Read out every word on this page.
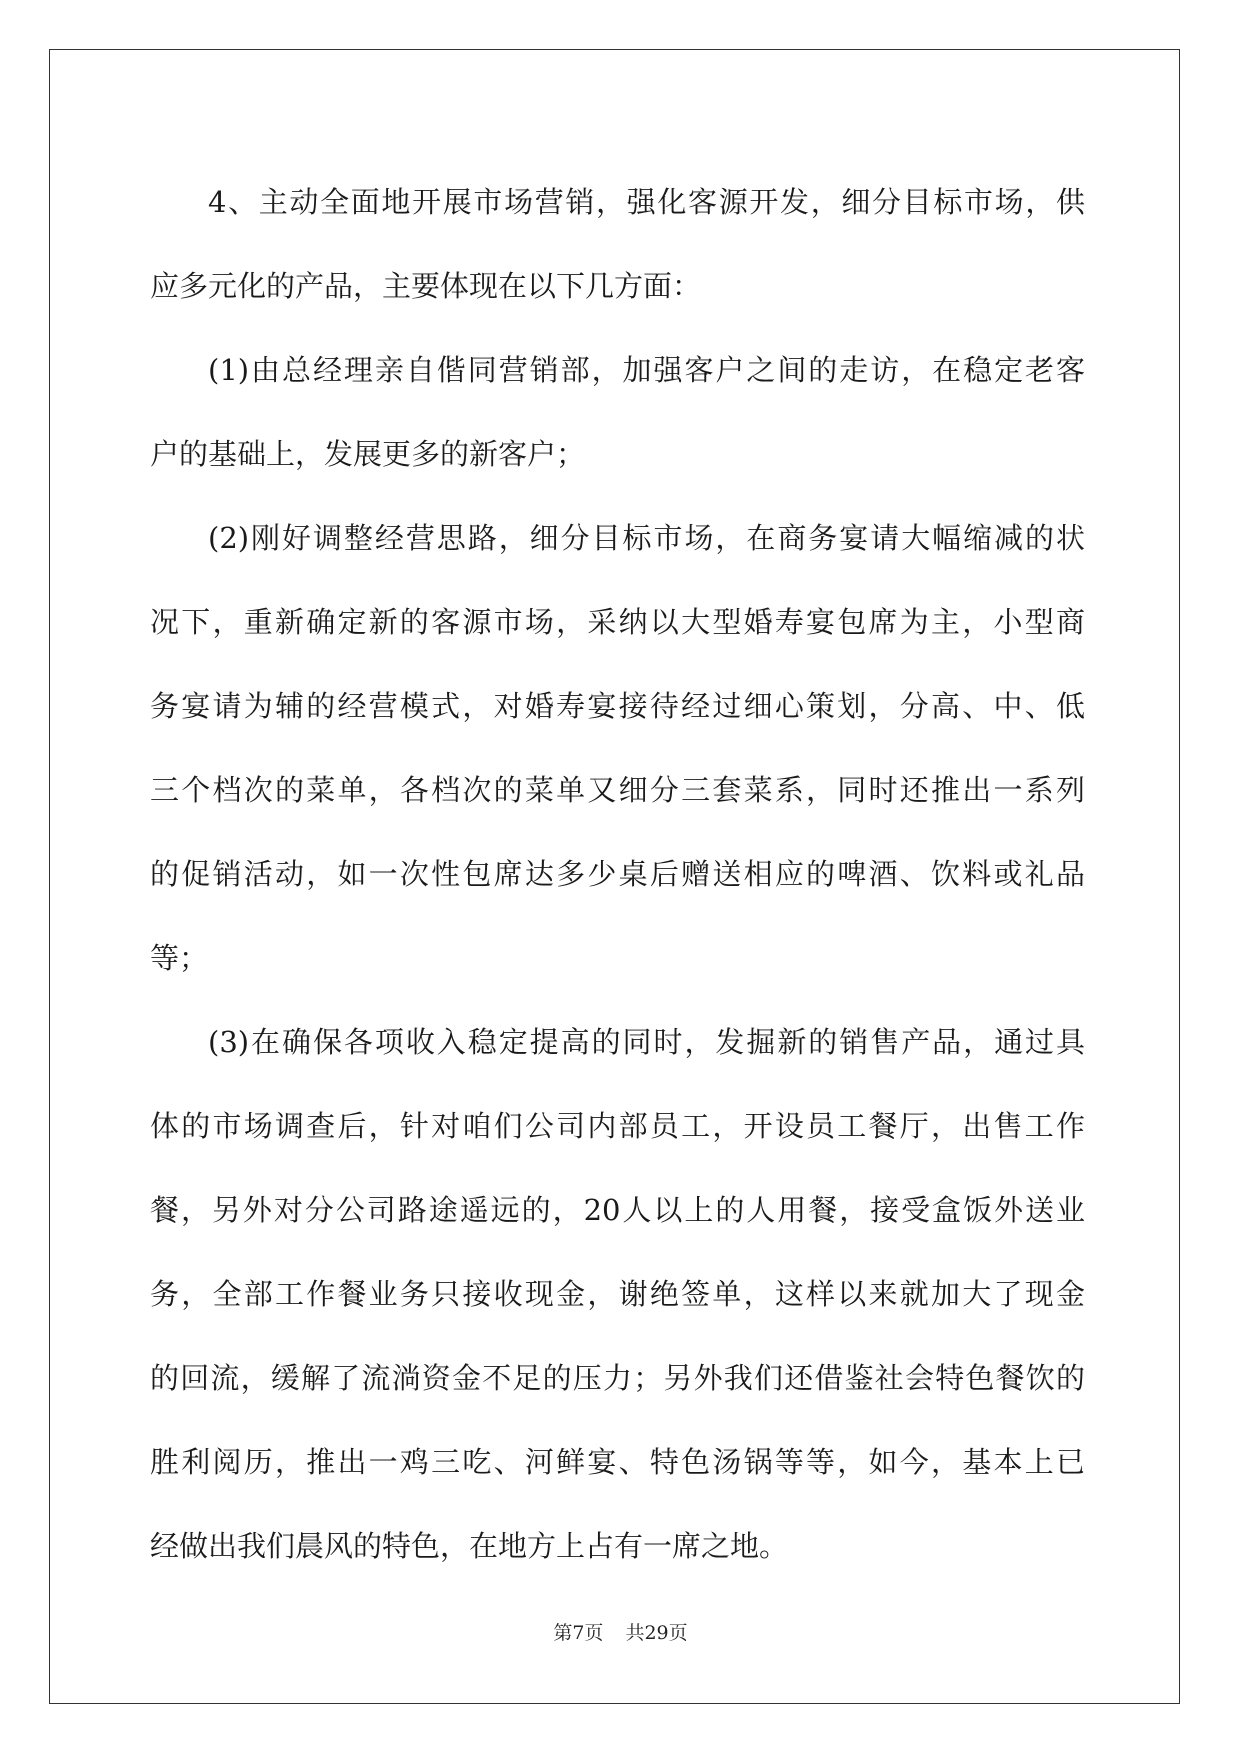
4、主动全面地开展市场营销，强化客源开发，细分目标市场，供
应多元化的产品，主要体现在以下几方面：
(1)由总经理亲自偕同营销部，加强客户之间的走访，在稳定老客
户的基础上，发展更多的新客户；
(2)刚好调整经营思路，细分目标市场，在商务宴请大幅缩减的状
况下，重新确定新的客源市场，采纳以大型婚寿宴包席为主，小型商
务宴请为辅的经营模式，对婚寿宴接待经过细心策划，分高、中、低
三个档次的菜单，各档次的菜单又细分三套菜系，同时还推出一系列
的促销活动，如一次性包席达多少桌后赠送相应的啤酒、饮料或礼品
等；
(3)在确保各项收入稳定提高的同时，发掘新的销售产品，通过具
体的市场调查后，针对咱们公司内部员工，开设员工餐厅，出售工作
餐，另外对分公司路途遥远的，20人以上的人用餐，接受盒饭外送业
务，全部工作餐业务只接收现金，谢绝签单，这样以来就加大了现金
的回流，缓解了流淌资金不足的压力；另外我们还借鉴社会特色餐饮的
胜利阅历，推出一鸡三吃、河鲜宴、特色汤锅等等，如今，基本上已
经做出我们晨风的特色，在地方上占有一席之地。
第7页 共29页
